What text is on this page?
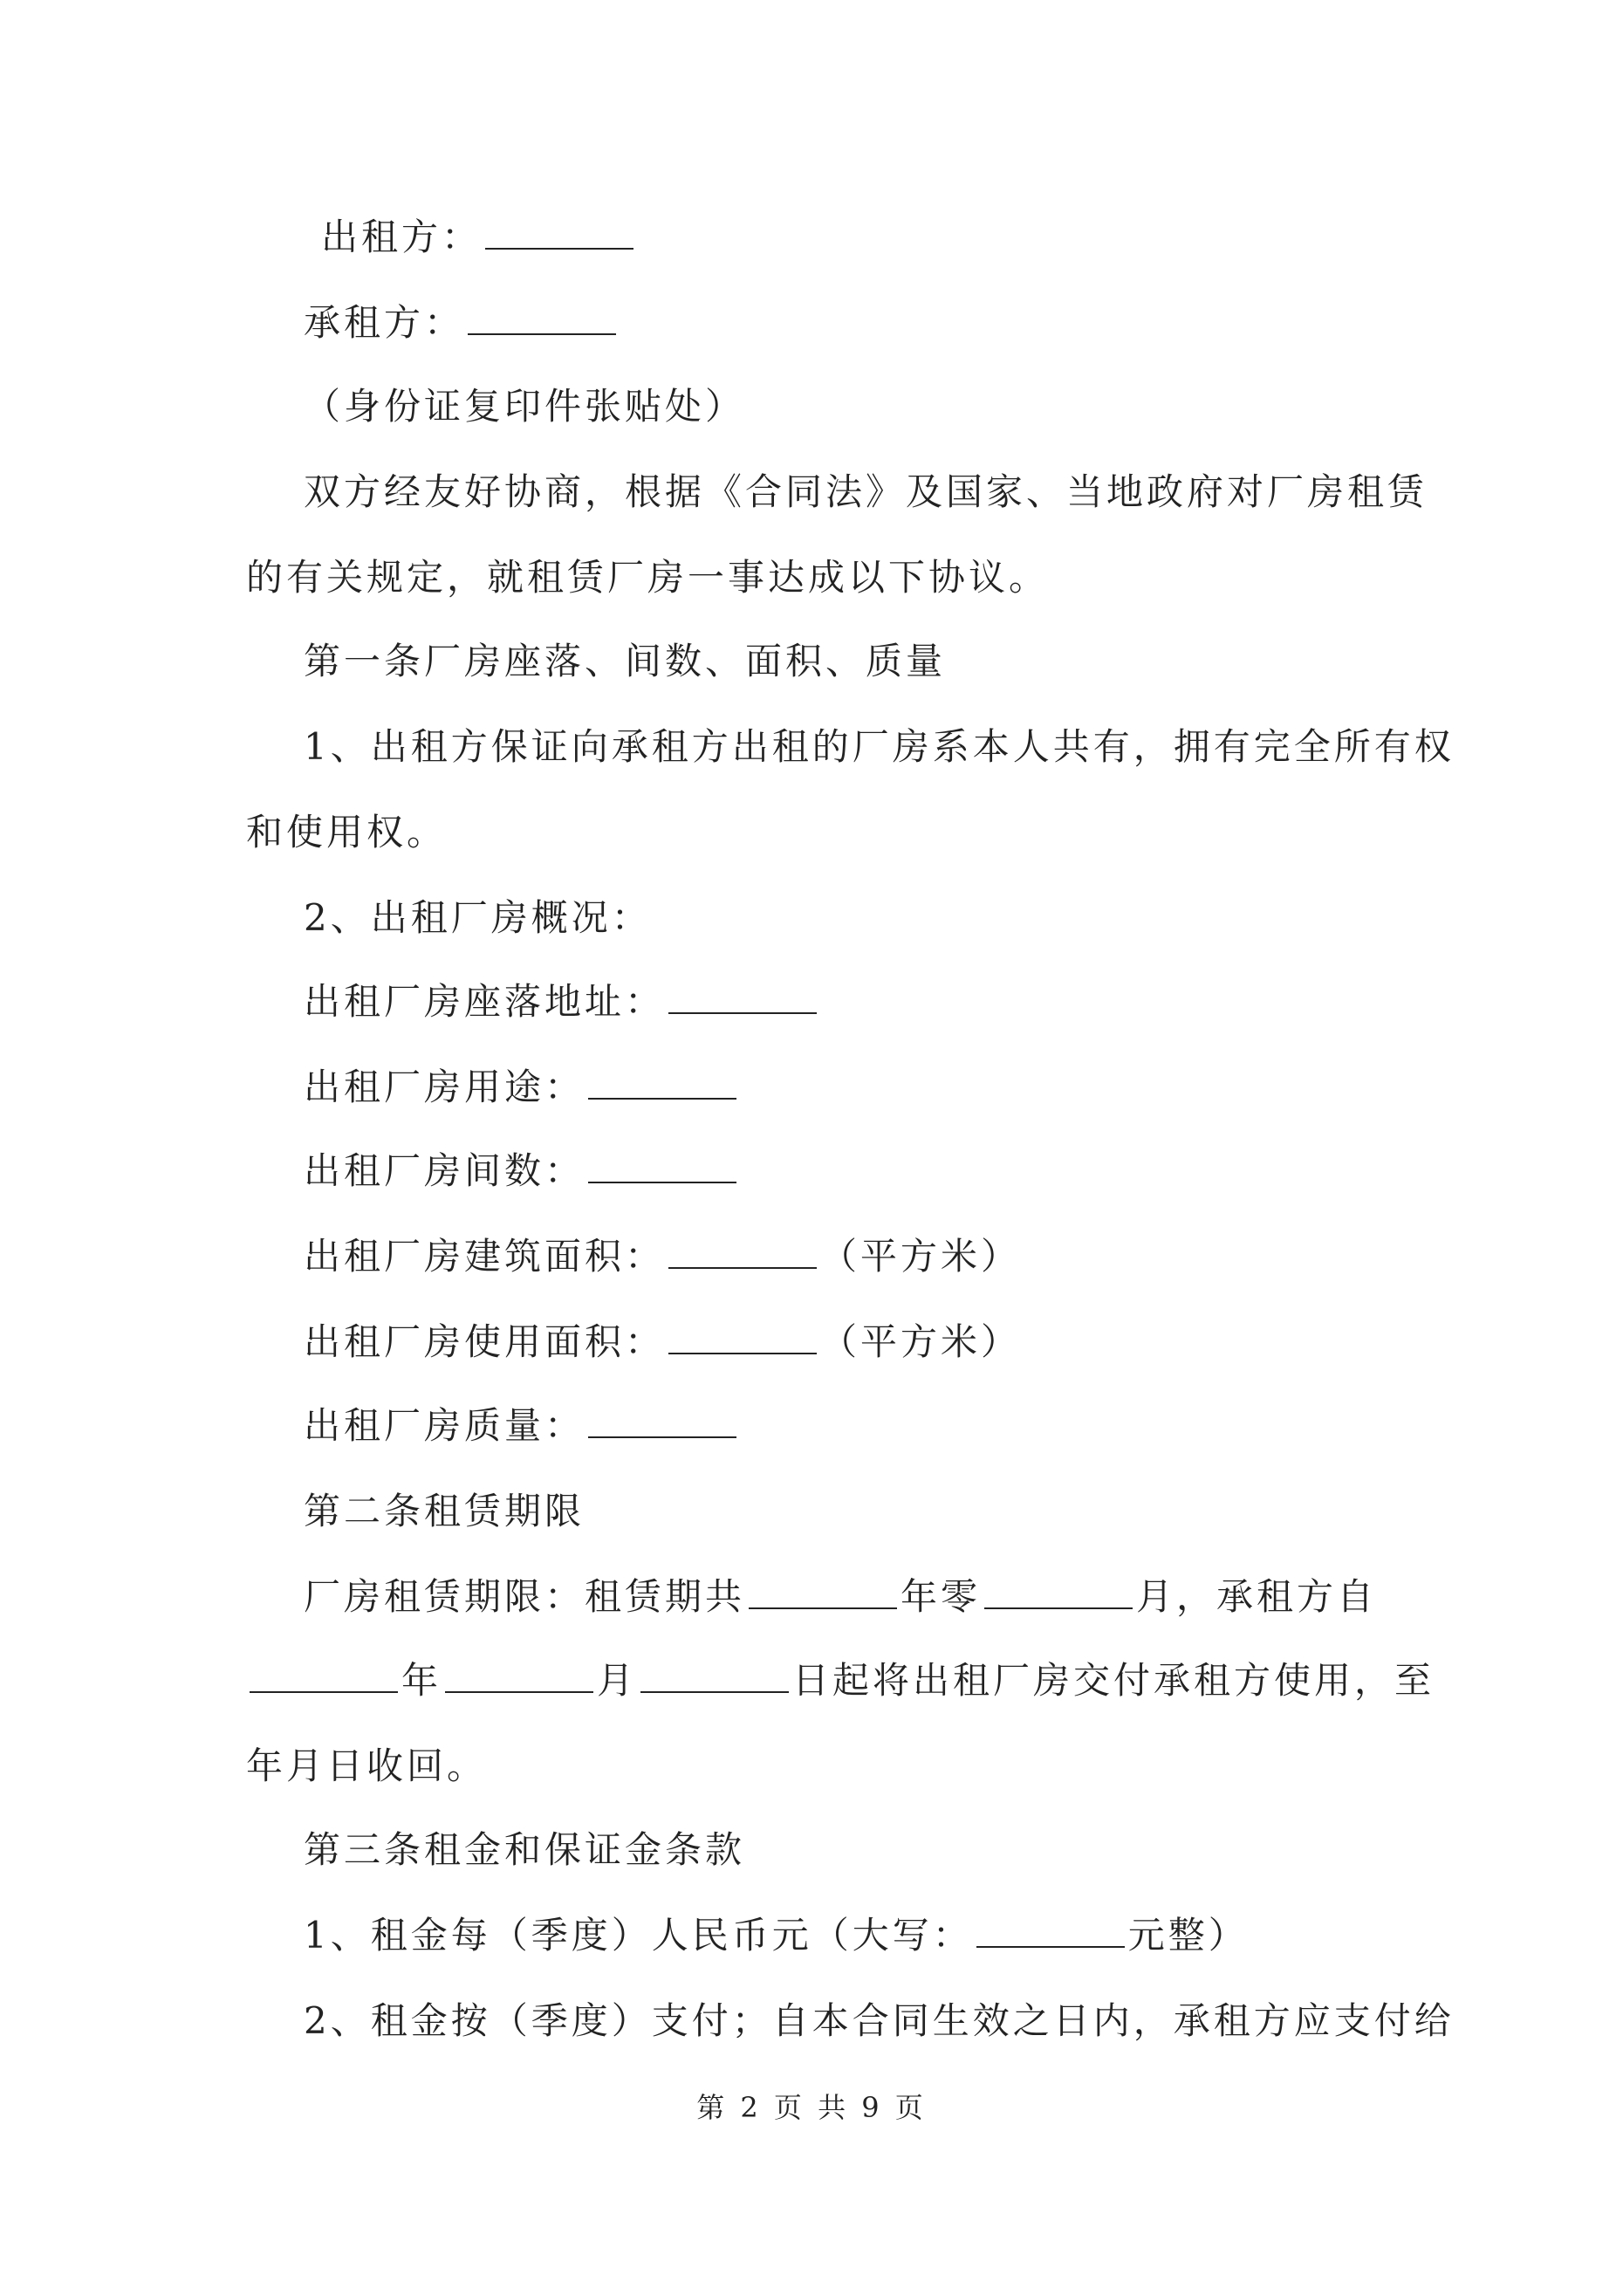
出租方：
承租方：
（身份证复印件张贴处）
双方经友好协商，根据《合同法》及国家、当地政府对厂房租赁
的有关规定，就租赁厂房一事达成以下协议。
第一条厂房座落、间数、面积、质量
1、出租方保证向承租方出租的厂房系本人共有，拥有完全所有权
和使用权。
2、出租厂房概况：
出租厂房座落地址：
出租厂房用途：
出租厂房间数：
出租厂房建筑面积：	（平方米）
出租厂房使用面积：	（平方米）
出租厂房质量：
第二条租赁期限
厂房租赁期限：租赁期共	年零	月，承租方自
年	月	日起将出租厂房交付承租方使用，至
年月日收回。
第三条租金和保证金条款
1、租金每（季度）人民币元（大写：	元整）
2、租金按（季度）支付；自本合同生效之日内，承租方应支付给
第 2 页 共 9 页
